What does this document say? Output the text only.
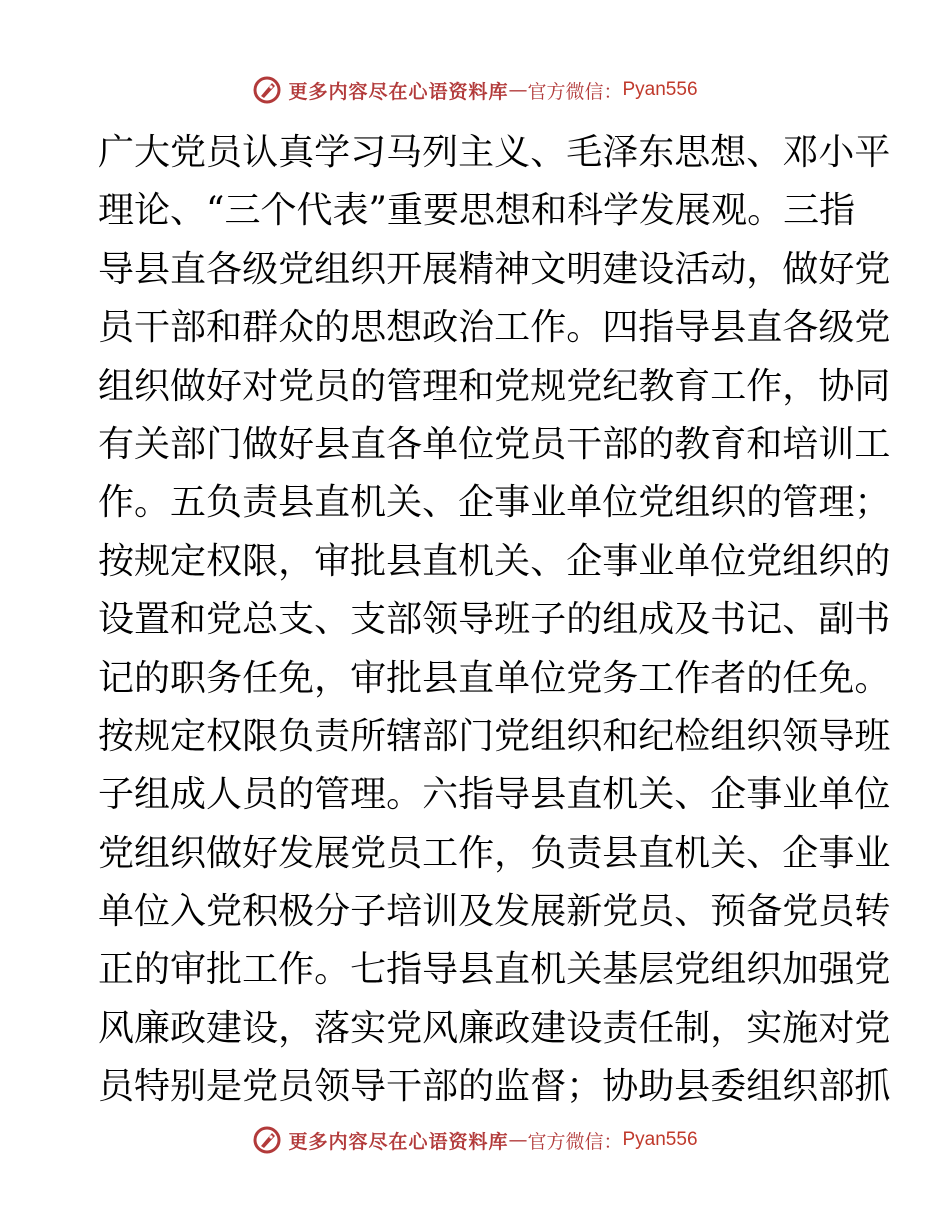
更多内容尽在心语资料库 — 官方微信： Pyan556
广 大 党 员 认 真 学 习 马 列 主 义 、 毛 泽 东 思 想 、 邓 小 平
理 论 、 “ 三 个 代 表 ” 重 要 思 想 和 科 学 发 展 观 。 三 指
导 县 直 各 级 党 组 织 开 展 精 神 文 明 建 设 活 动 ， 做 好 党
员 干 部 和 群 众 的 思 想 政 治 工 作 。 四 指 导 县 直 各 级 党
组 织 做 好 对 党 员 的 管 理 和 党 规 党 纪 教 育 工 作 ， 协 同
有 关 部 门 做 好 县 直 各 单 位 党 员 干 部 的 教 育 和 培 训 工
作 。 五 负 责 县 直 机 关 、 企 事 业 单 位 党 组 织 的 管 理 ；
按 规 定 权 限 ， 审 批 县 直 机 关 、 企 事 业 单 位 党 组 织 的
设 置 和 党 总 支 、 支 部 领 导 班 子 的 组 成 及 书 记 、 副 书
记 的 职 务 任 免 ， 审 批 县 直 单 位 党 务 工 作 者 的 任 免 。
按 规 定 权 限 负 责 所 辖 部 门 党 组 织 和 纪 检 组 织 领 导 班
子 组 成 人 员 的 管 理 。 六 指 导 县 直 机 关 、 企 事 业 单 位
党 组 织 做 好 发 展 党 员 工 作 ， 负 责 县 直 机 关 、 企 事 业
单 位 入 党 积 极 分 子 培 训 及 发 展 新 党 员 、 预 备 党 员 转
正 的 审 批 工 作 。 七 指 导 县 直 机 关 基 层 党 组 织 加 强 党
风 廉 政 建 设 ， 落 实 党 风 廉 政 建 设 责 任 制 ， 实 施 对 党
员 特 别 是 党 员 领 导 干 部 的 监 督 ； 协 助 县 委 组 织 部 抓
更多内容尽在心语资料库 — 官方微信： Pyan556
